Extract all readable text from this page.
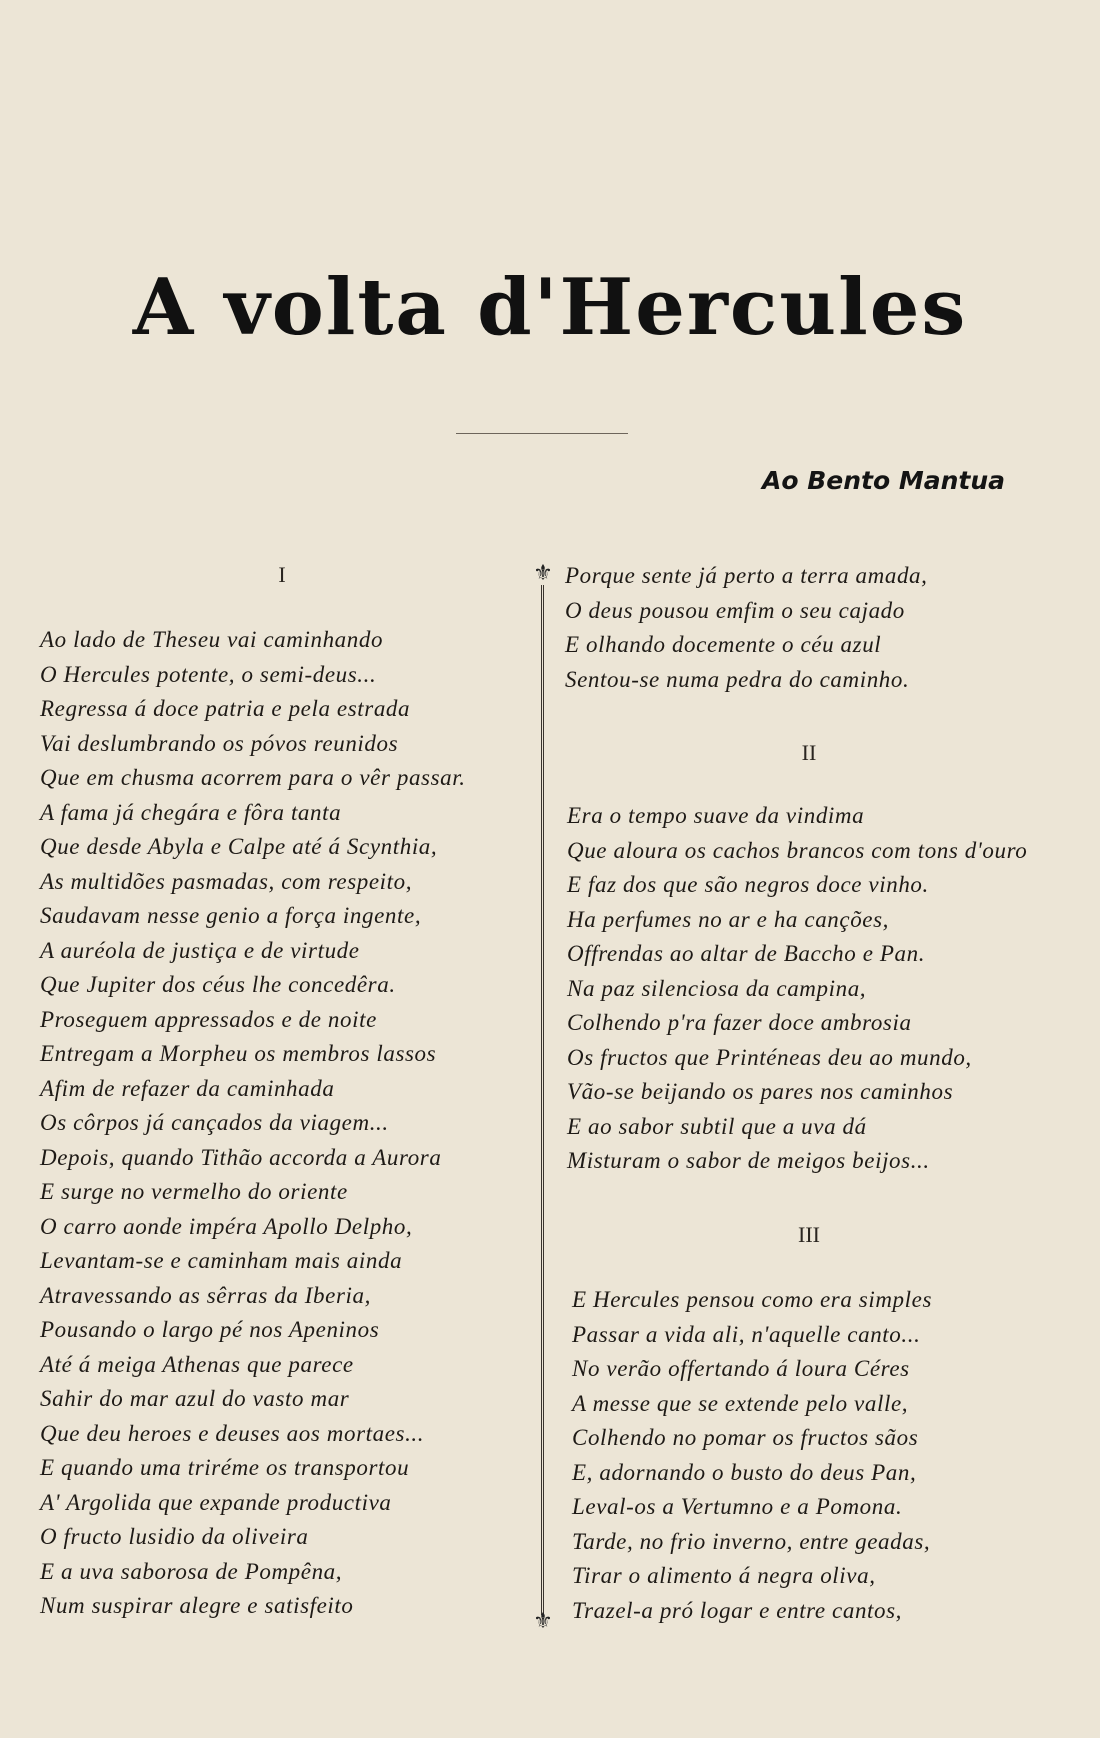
A volta d'Hercules
Ao Bento Mantua
I
II
III
Ao lado de Theseu vai caminhando
O Hercules potente, o semi-deus...
Regressa á doce patria e pela estrada
Vai deslumbrando os póvos reunidos
Que em chusma acorrem para o vêr passar.
A fama já chegára e fôra tanta
Que desde Abyla e Calpe até á Scynthia,
As multidões pasmadas, com respeito,
Saudavam nesse genio a força ingente,
A auréola de justiça e de virtude
Que Jupiter dos céus lhe concedêra.
Proseguem appressados e de noite
Entregam a Morpheu os membros lassos
Afim de refazer da caminhada
Os côrpos já cançados da viagem...
Depois, quando Tithão accorda a Aurora
E surge no vermelho do oriente
O carro aonde impéra Apollo Delpho,
Levantam-se e caminham mais ainda
Atravessando as sêrras da Iberia,
Pousando o largo pé nos Apeninos
Até á meiga Athenas que parece
Sahir do mar azul do vasto mar
Que deu heroes e deuses aos mortaes...
E quando uma triréme os transportou
A' Argolida que expande productiva
O fructo lusidio da oliveira
E a uva saborosa de Pompêna,
Num suspirar alegre e satisfeito
⚜
⚜
Porque sente já perto a terra amada,
O deus pousou emfim o seu cajado
E olhando docemente o céu azul
Sentou-se numa pedra do caminho.
Era o tempo suave da vindima
Que aloura os cachos brancos com tons d'ouro
E faz dos que são negros doce vinho.
Ha perfumes no ar e ha canções,
Offrendas ao altar de Baccho e Pan.
Na paz silenciosa da campina,
Colhendo p'ra fazer doce ambrosia
Os fructos que Printéneas deu ao mundo,
Vão-se beijando os pares nos caminhos
E ao sabor subtil que a uva dá
Misturam o sabor de meigos beijos...
E Hercules pensou como era simples
Passar a vida ali, n'aquelle canto...
No verão offertando á loura Céres
A messe que se extende pelo valle,
Colhendo no pomar os fructos sãos
E, adornando o busto do deus Pan,
Leval-os a Vertumno e a Pomona.
Tarde, no frio inverno, entre geadas,
Tirar o alimento á negra oliva,
Trazel-a pró logar e entre cantos,
